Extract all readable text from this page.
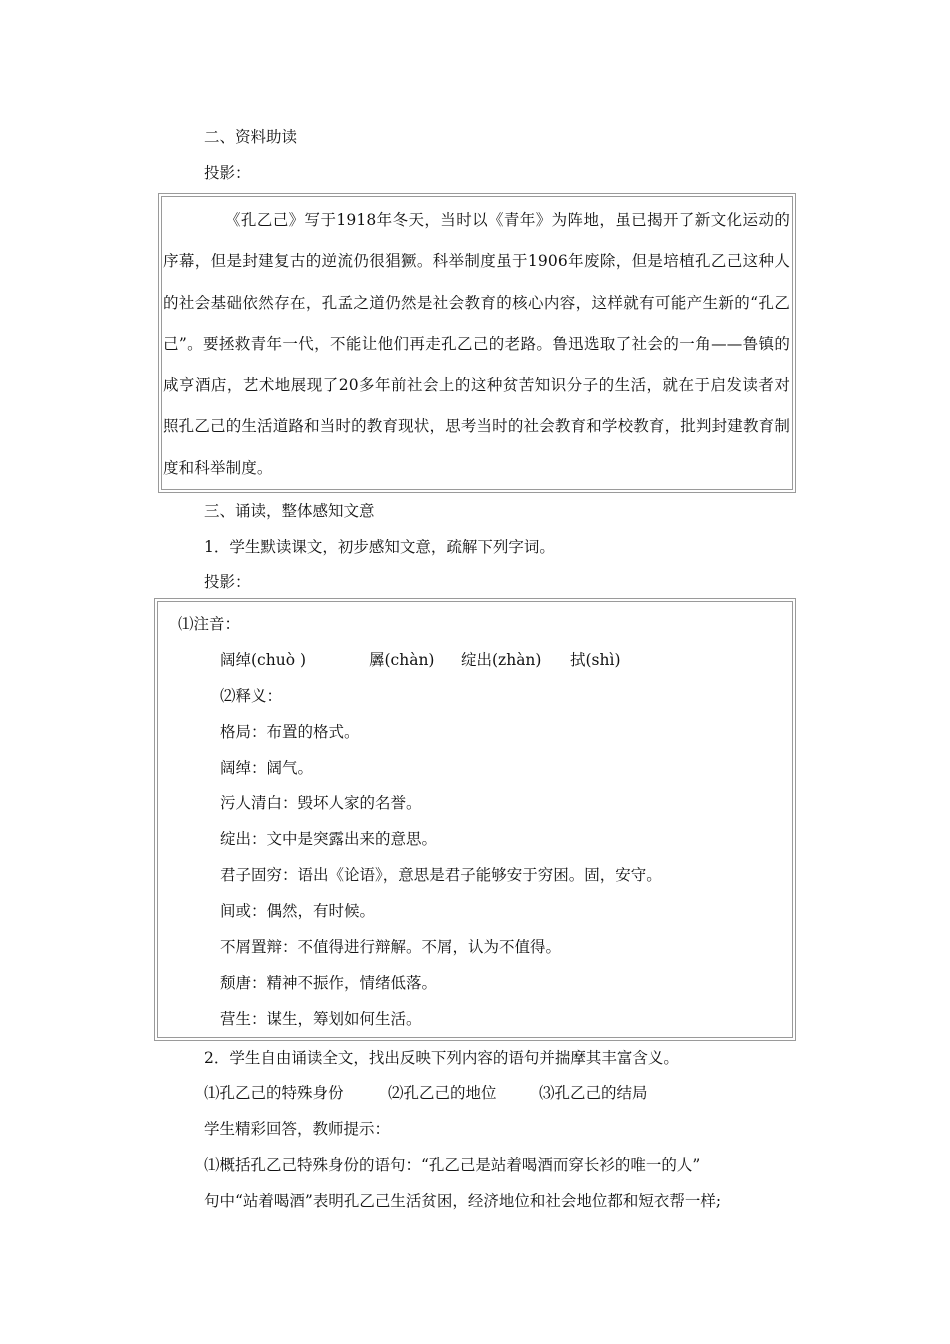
二、资料助读
投影：
《孔乙己》写于1918年冬天，当时以《青年》为阵地，虽已揭开了新文化运动的序幕，但是封建复古的逆流仍很猖獗。科举制度虽于1906年废除，但是培植孔乙己这种人的社会基础依然存在，孔孟之道仍然是社会教育的核心内容，这样就有可能产生新的“孔乙己”。要拯救青年一代，不能让他们再走孔乙己的老路。鲁迅选取了社会的一角——鲁镇的咸亨酒店，艺术地展现了20多年前社会上的这种贫苦知识分子的生活，就在于启发读者对照孔乙己的生活道路和当时的教育现状，思考当时的社会教育和学校教育，批判封建教育制度和科举制度。
三、诵读，整体感知文意
1．学生默读课文，初步感知文意，疏解下列字词。
投影：
⑴注音：
阔绰(chuò )	羼(chàn) 绽出(zhàn) 拭(shì)
⑵释义：
格局：布置的格式。
阔绰：阔气。
污人清白：毁坏人家的名誉。
绽出：文中是突露出来的意思。
君子固穷：语出《论语》，意思是君子能够安于穷困。固，安守。
间或：偶然，有时候。
不屑置辩：不值得进行辩解。不屑，认为不值得。
颓唐：精神不振作，情绪低落。
营生：谋生，筹划如何生活。
2．学生自由诵读全文，找出反映下列内容的语句并揣摩其丰富含义。
⑴孔乙己的特殊身份	⑵孔乙己的地位	⑶孔乙己的结局
学生精彩回答，教师提示：
⑴概括孔乙己特殊身份的语句：“孔乙己是站着喝酒而穿长衫的唯一的人”
句中“站着喝酒”表明孔乙己生活贫困，经济地位和社会地位都和短衣帮一样;
